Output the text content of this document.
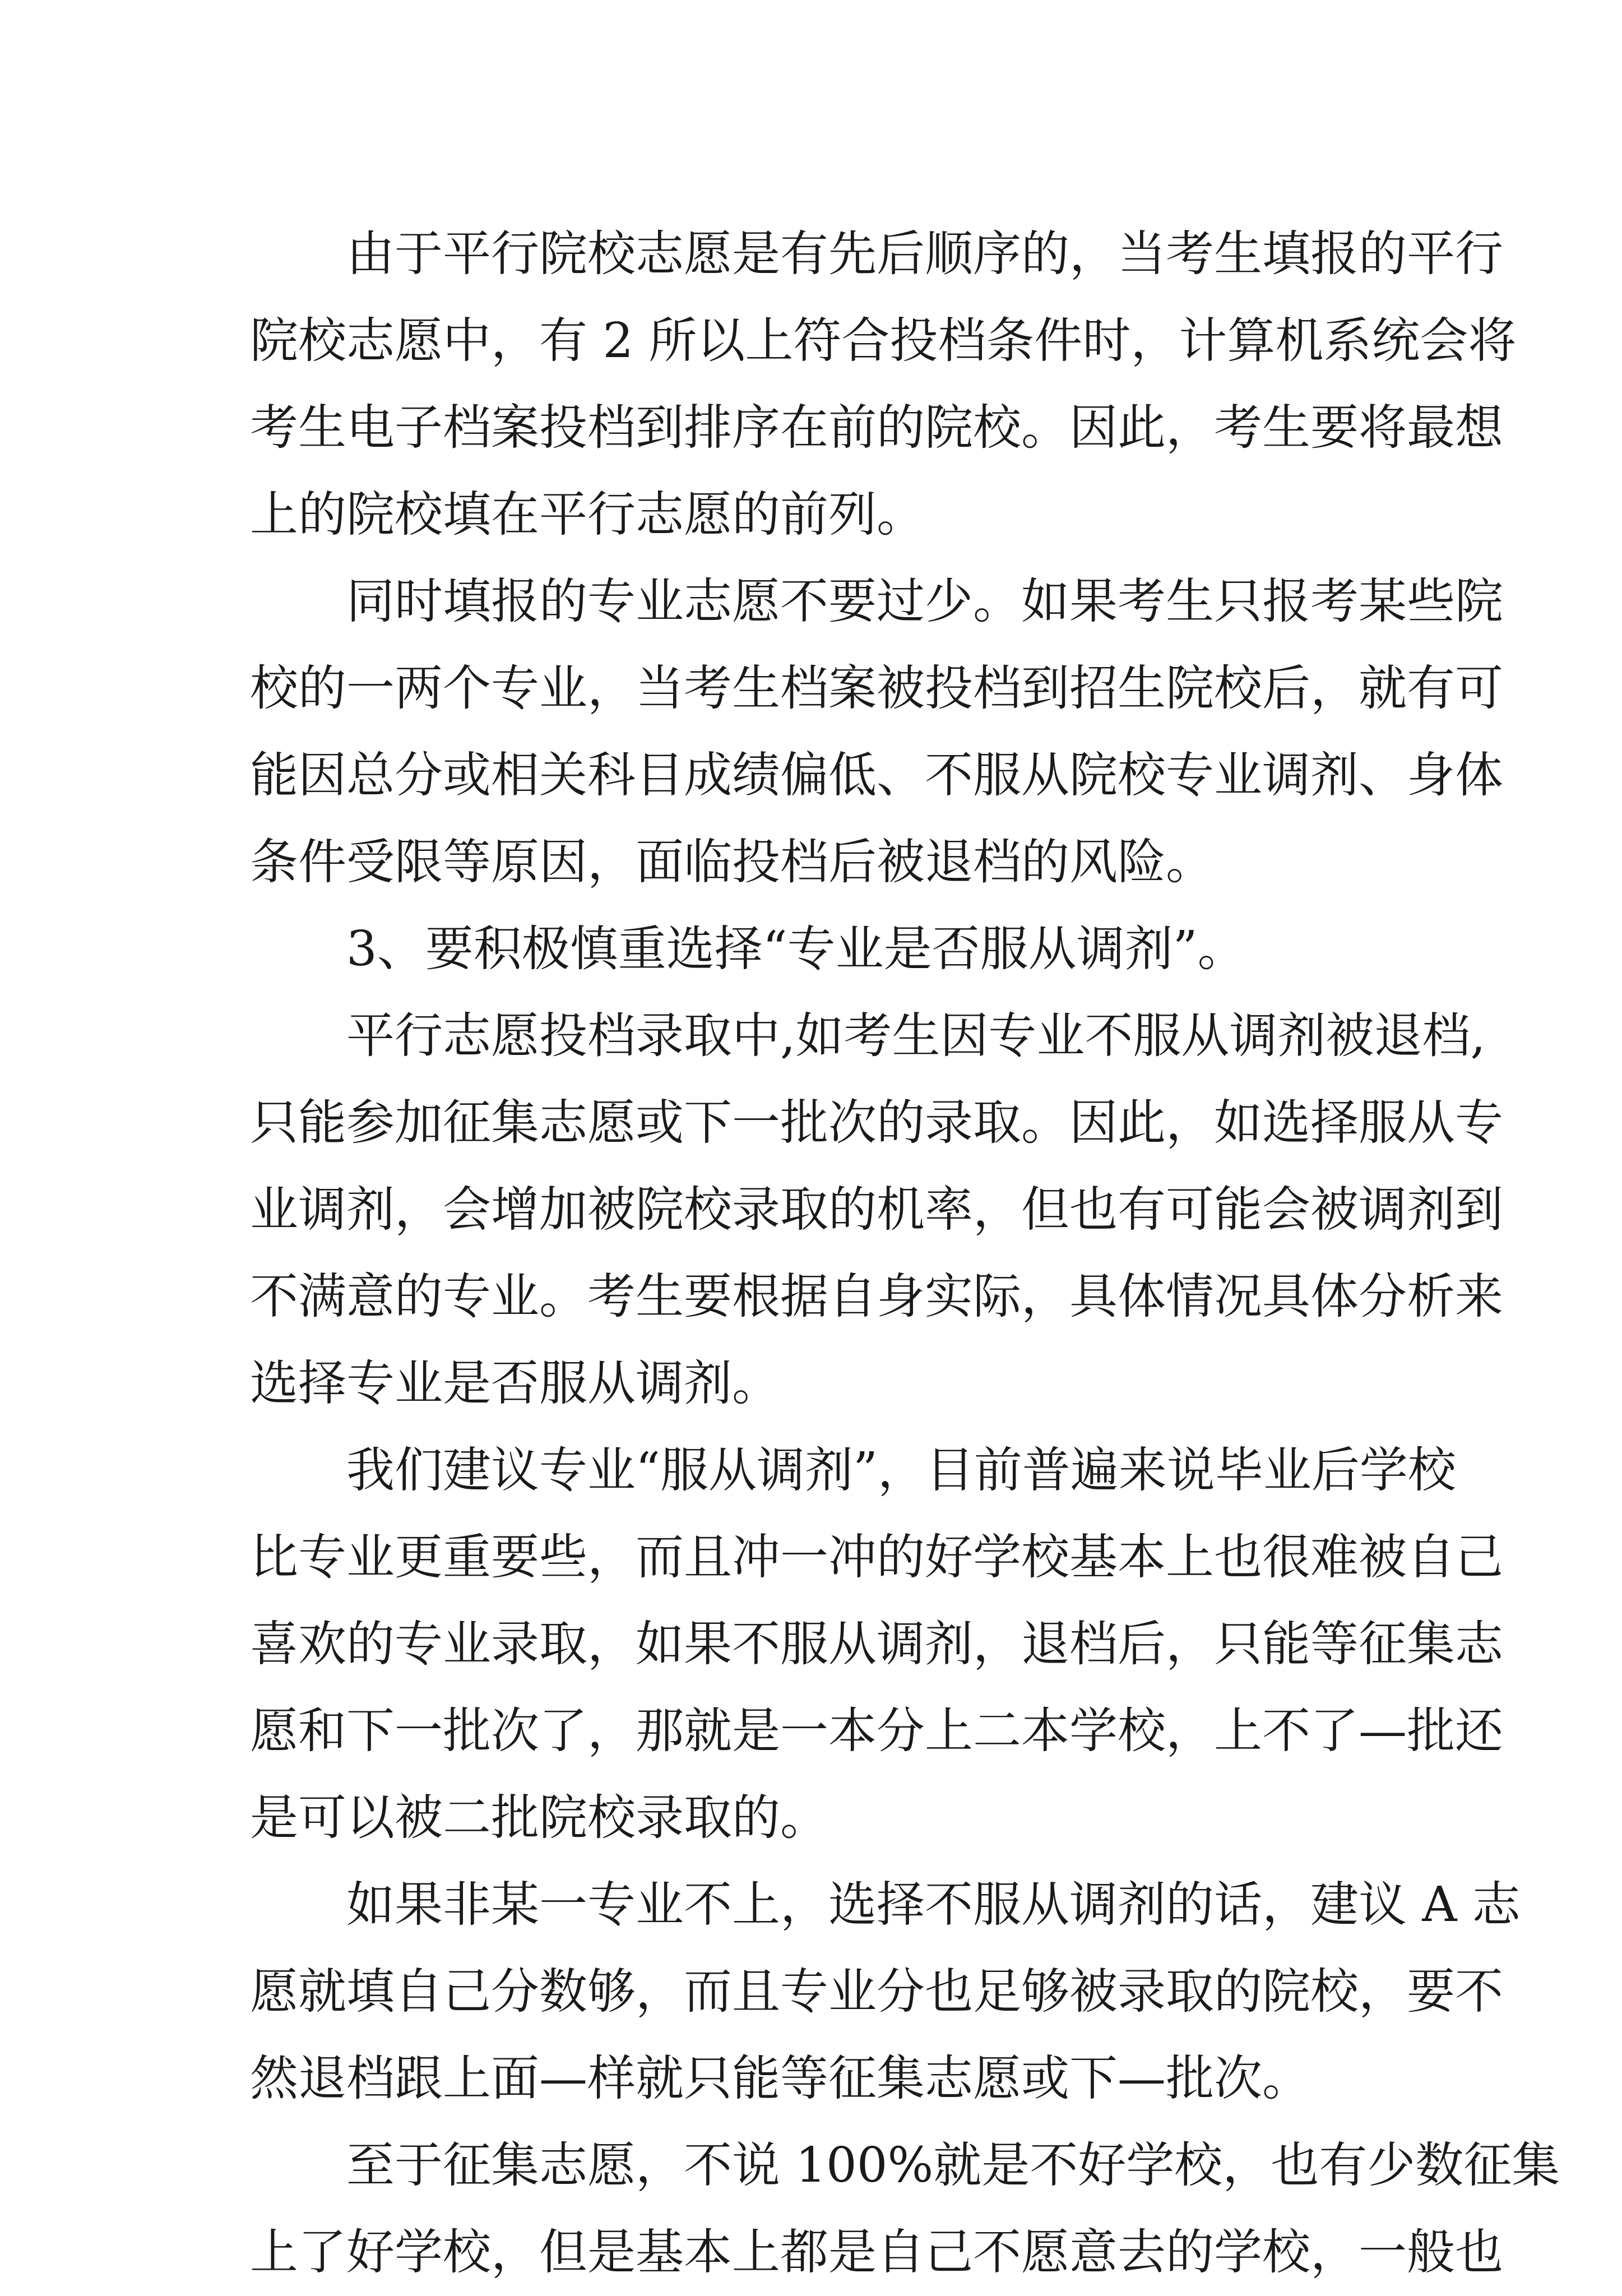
由于平行院校志愿是有先后顺序的，当考生填报的平行
院校志愿中，有 2 所以上符合投档条件时，计算机系统会将
考生电子档案投档到排序在前的院校。因此，考生要将最想
上的院校填在平行志愿的前列。
同时填报的专业志愿不要过少。如果考生只报考某些院
校的一两个专业，当考生档案被投档到招生院校后，就有可
能因总分或相关科目成绩偏低、不服从院校专业调剂、身体
条件受限等原因，面临投档后被退档的风险。
3、要积极慎重选择“专业是否服从调剂”。
平行志愿投档录取中,如考生因专业不服从调剂被退档,
只能参加征集志愿或下一批次的录取。因此，如选择服从专
业调剂，会增加被院校录取的机率，但也有可能会被调剂到
不满意的专业。考生要根据自身实际，具体情况具体分析来
选择专业是否服从调剂。
我们建议专业“服从调剂”，目前普遍来说毕业后学校
比专业更重要些，而且冲一冲的好学校基本上也很难被自己
喜欢的专业录取，如果不服从调剂，退档后，只能等征集志
愿和下一批次了，那就是一本分上二本学校，上不了—批还
是可以被二批院校录取的。
如果非某一专业不上，选择不服从调剂的话，建议 A 志
愿就填自己分数够，而且专业分也足够被录取的院校，要不
然退档跟上面—样就只能等征集志愿或下—批次。
至于征集志愿，不说 100%就是不好学校，也有少数征集
上了好学校，但是基本上都是自己不愿意去的学校，一般也
